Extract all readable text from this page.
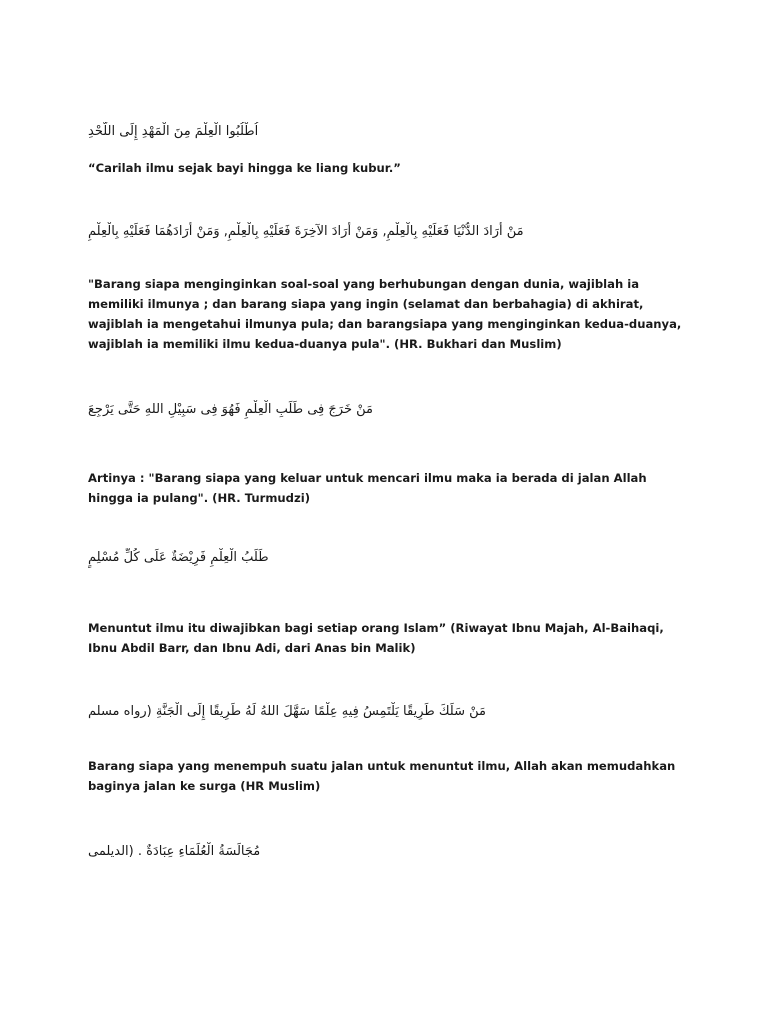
اُطْلُبُوا الْعِلْمَ مِنَ الْمَهْدِ إِلَى اللَّحْدِ
“Carilah ilmu sejak bayi hingga ke liang kubur.”
مَنْ أَرَادَ الدُّنْيَا فَعَلَيْهِ بِالْعِلْمِ, وَمَنْ أَرَادَ الآخِرَةَ فَعَلَيْهِ بِالْعِلْمِ, وَمَنْ أَرَادَهُمَا فَعَلَيْهِ بِالْعِلْمِ
"Barang siapa menginginkan soal-soal yang berhubungan dengan dunia, wajiblah ia memiliki ilmunya ; dan barang siapa yang ingin (selamat dan berbahagia) di akhirat, wajiblah ia mengetahui ilmunya pula; dan barangsiapa yang menginginkan kedua-duanya, wajiblah ia memiliki ilmu kedua-duanya pula". (HR. Bukhari dan Muslim)
مَنْ خَرَجَ فِى طَلَبِ الْعِلْمِ فَهُوَ فِى سَبِيْلِ اللهِ حَتَّى يَرْجِعَ
Artinya : "Barang siapa yang keluar untuk mencari ilmu maka ia berada di jalan Allah hingga ia pulang". (HR. Turmudzi)
طَلَبُ الْعِلْمِ فَرِيْضَةٌ عَلَى كُلِّ مُسْلِمٍ
Menuntut ilmu itu diwajibkan bagi setiap orang Islam” (Riwayat Ibnu Majah, Al-Baihaqi, Ibnu Abdil Barr, dan Ibnu Adi, dari Anas bin Malik)
مَنْ سَلَكَ طَرِيقًا يَلْتَمِسُ فِيهِ عِلْمًا سَهَّلَ اللهُ لَهُ طَرِيقًا إِلَى الْجَنَّةِ (رواه مسلم
Barang siapa yang menempuh suatu jalan untuk menuntut ilmu, Allah akan memudahkan baginya jalan ke surga (HR Muslim)
مُجَالَسَةُ الْعُلَمَاءِ عِبَادَةٌ . (الديلمى
